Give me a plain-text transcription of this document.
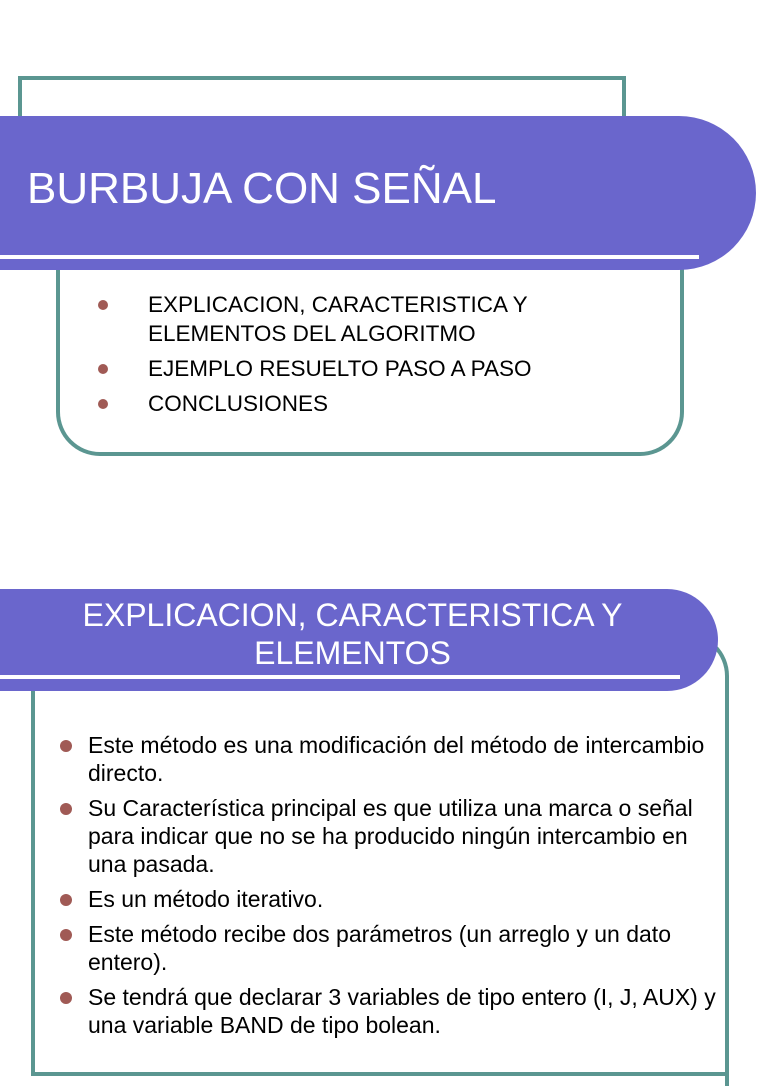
BURBUJA CON SEÑAL
EXPLICACION, CARACTERISTICA Y ELEMENTOS DEL ALGORITMO
EJEMPLO RESUELTO PASO A PASO
CONCLUSIONES
EXPLICACION, CARACTERISTICA Y ELEMENTOS
Este método es una modificación del método de intercambio directo.
Su Característica principal es que utiliza una marca o señal para indicar que no se ha producido ningún intercambio en una pasada.
Es un método iterativo.
Este método recibe dos parámetros (un arreglo y un dato entero).
Se tendrá que declarar 3 variables de tipo entero (I, J, AUX) y una variable BAND de tipo bolean.
